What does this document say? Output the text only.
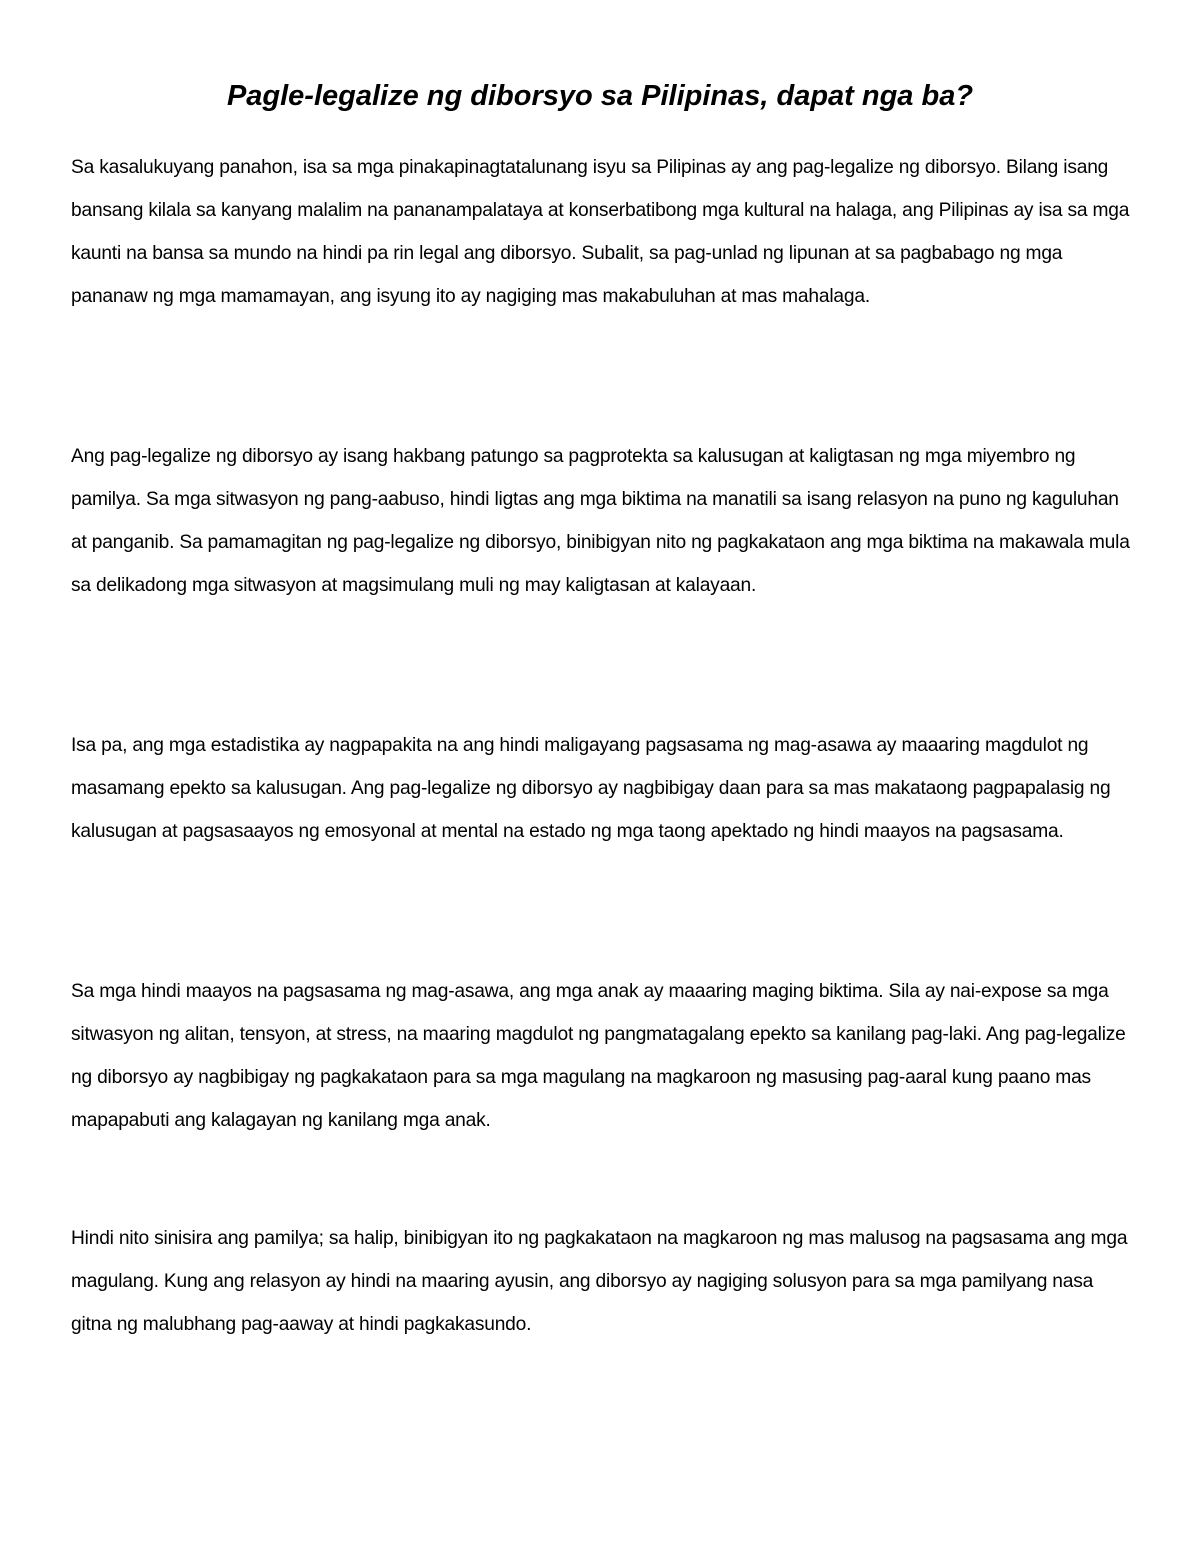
Pagle-legalize ng diborsyo sa Pilipinas, dapat nga ba?

Sa kasalukuyang panahon, isa sa mga pinakapinagtatalunang isyu sa Pilipinas ay ang pag-legalize ng diborsyo. Bilang isang bansang kilala sa kanyang malalim na pananampalataya at konserbatibong mga kultural na halaga, ang Pilipinas ay isa sa mga kaunti na bansa sa mundo na hindi pa rin legal ang diborsyo. Subalit, sa pag-unlad ng lipunan at sa pagbabago ng mga pananaw ng mga mamamayan, ang isyung ito ay nagiging mas makabuluhan at mas mahalaga.

Ang pag-legalize ng diborsyo ay isang hakbang patungo sa pagprotekta sa kalusugan at kaligtasan ng mga miyembro ng pamilya. Sa mga sitwasyon ng pang-aabuso, hindi ligtas ang mga biktima na manatili sa isang relasyon na puno ng kaguluhan at panganib. Sa pamamagitan ng pag-legalize ng diborsyo, binibigyan nito ng pagkakataon ang mga biktima na makawala mula sa delikadong mga sitwasyon at magsimulang muli ng may kaligtasan at kalayaan.

Isa pa, ang mga estadistika ay nagpapakita na ang hindi maligayang pagsasama ng mag-asawa ay maaaring magdulot ng masamang epekto sa kalusugan. Ang pag-legalize ng diborsyo ay nagbibigay daan para sa mas makataong pagpapalasig ng kalusugan at pagsasaayos ng emosyonal at mental na estado ng mga taong apektado ng hindi maayos na pagsasama.

Sa mga hindi maayos na pagsasama ng mag-asawa, ang mga anak ay maaaring maging biktima. Sila ay nai-expose sa mga sitwasyon ng alitan, tensyon, at stress, na maaring magdulot ng pangmatagalang epekto sa kanilang pag-laki. Ang pag-legalize ng diborsyo ay nagbibigay ng pagkakataon para sa mga magulang na magkaroon ng masusing pag-aaral kung paano mas mapapabuti ang kalagayan ng kanilang mga anak.

Hindi nito sinisira ang pamilya; sa halip, binibigyan ito ng pagkakataon na magkaroon ng mas malusog na pagsasama ang mga magulang. Kung ang relasyon ay hindi na maaring ayusin, ang diborsyo ay nagiging solusyon para sa mga pamilyang nasa gitna ng malubhang pag-aaway at hindi pagkakasundo.
